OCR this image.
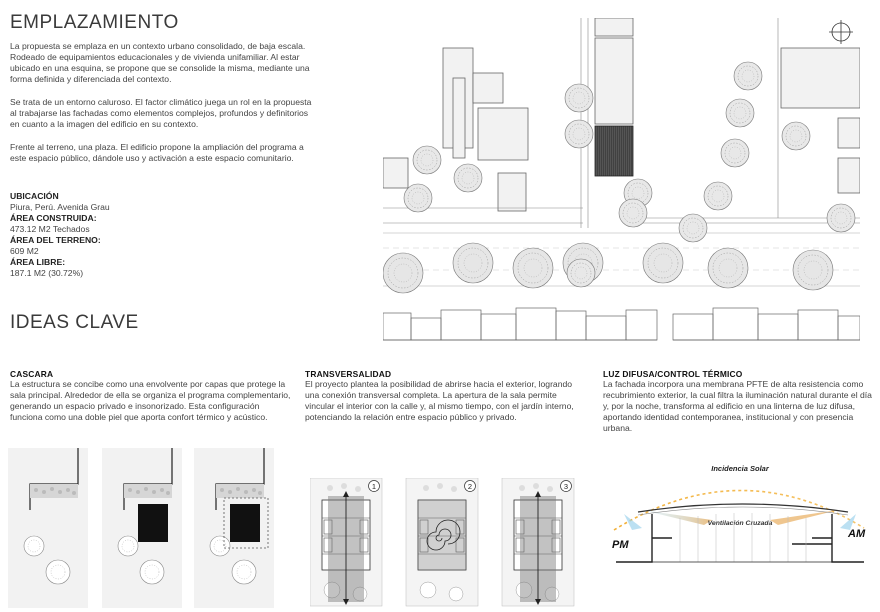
EMPLAZAMIENTO

La propuesta se emplaza en un contexto urbano consolidado, de baja escala. Rodeado de equipamientos educacionales y de vivienda unifamiliar. Al estar ubicado en una esquina, se propone que se consolide la misma, mediante una forma definida y diferenciada del contexto.

Se trata de un entorno caluroso. El factor climático juega un rol en la propuesta al trabajarse las fachadas como elementos complejos, profundos y definitorios en cuanto a la imagen del edificio en su contexto.

Frente al terreno, una plaza. El edificio propone la ampliación del programa a este espacio público, dándole uso y activación a este espacio comunitario.

UBICACIÓN
Piura, Perú. Avenida Grau
ÁREA CONSTRUIDA:
473.12 M2 Techados
ÁREA DEL TERRENO:
609 M2
ÁREA LIBRE:
187.1 M2 (30.72%)
IDEAS CLAVE
CASCARA

La estructura se concibe como una envolvente por capas que protege la sala principal. Alrededor de ella se organiza el programa complementario, generando un espacio privado e insonorizado. Esta configuración funciona como una doble piel que aporta confort térmico y acústico.

TRANSVERSALIDAD

El proyecto plantea la posibilidad de abrirse hacia el exterior, logrando una conexión transversal completa. La apertura de la sala permite vincular el interior con la calle y, al mismo tiempo, con el jardín interno, potenciando la relación entre espacio público y privado.

LUZ DIFUSA/CONTROL TÉRMICO

La fachada incorpora una membrana PFTE de alta resistencia como recubrimiento exterior, la cual filtra la iluminación natural durante el día y, por la noche, transforma al edificio en una linterna de luz difusa, aportando identidad contemporanea, institucional y con presencia urbana.

1	2	3
Incidencia Solar
Ventilación Cruzada
PM
AM
